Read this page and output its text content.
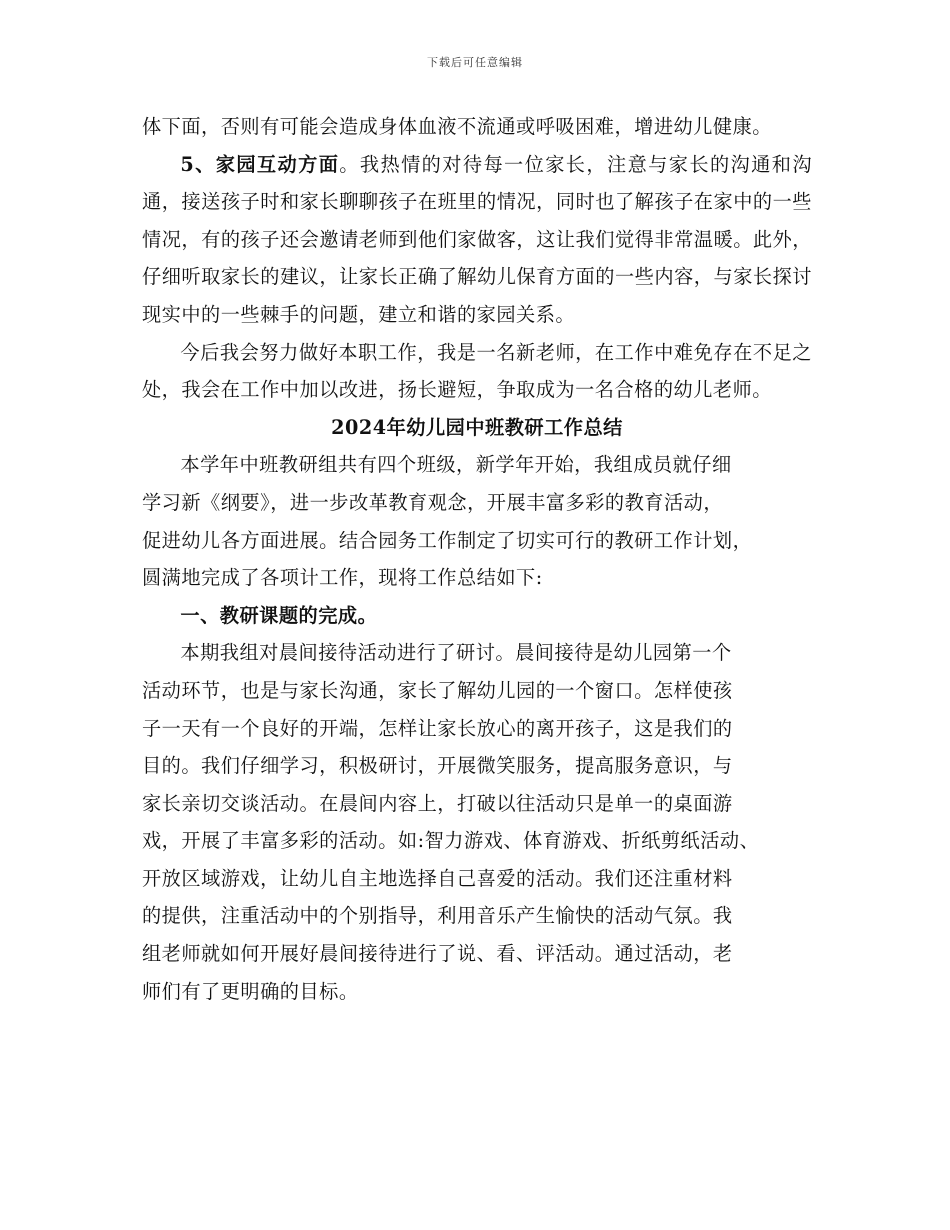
下载后可任意编辑

体下面，否则有可能会造成身体血液不流通或呼吸困难，增进幼儿健康。

5、家园互动方面。我热情的对待每一位家长，注意与家长的沟通和沟通，接送孩子时和家长聊聊孩子在班里的情况，同时也了解孩子在家中的一些情况，有的孩子还会邀请老师到他们家做客，这让我们觉得非常温暖。此外，仔细听取家长的建议，让家长正确了解幼儿保育方面的一些内容，与家长探讨现实中的一些棘手的问题，建立和谐的家园关系。

今后我会努力做好本职工作，我是一名新老师，在工作中难免存在不足之处，我会在工作中加以改进，扬长避短，争取成为一名合格的幼儿老师。

2024年幼儿园中班教研工作总结

本学年中班教研组共有四个班级，新学年开始，我组成员就仔细
学习新《纲要》，进一步改革教育观念，开展丰富多彩的教育活动，
促进幼儿各方面进展。结合园务工作制定了切实可行的教研工作计划，
圆满地完成了各项计工作，现将工作总结如下:

一、教研课题的完成。

本期我组对晨间接待活动进行了研讨。晨间接待是幼儿园第一个
活动环节，也是与家长沟通，家长了解幼儿园的一个窗口。怎样使孩
子一天有一个良好的开端，怎样让家长放心的离开孩子，这是我们的
目的。我们仔细学习，积极研讨，开展微笑服务，提高服务意识，与
家长亲切交谈活动。在晨间内容上，打破以往活动只是单一的桌面游
戏，开展了丰富多彩的活动。如:智力游戏、体育游戏、折纸剪纸活动、
开放区域游戏，让幼儿自主地选择自己喜爱的活动。我们还注重材料
的提供，注重活动中的个别指导，利用音乐产生愉快的活动气氛。我
组老师就如何开展好晨间接待进行了说、看、评活动。通过活动，老
师们有了更明确的目标。
